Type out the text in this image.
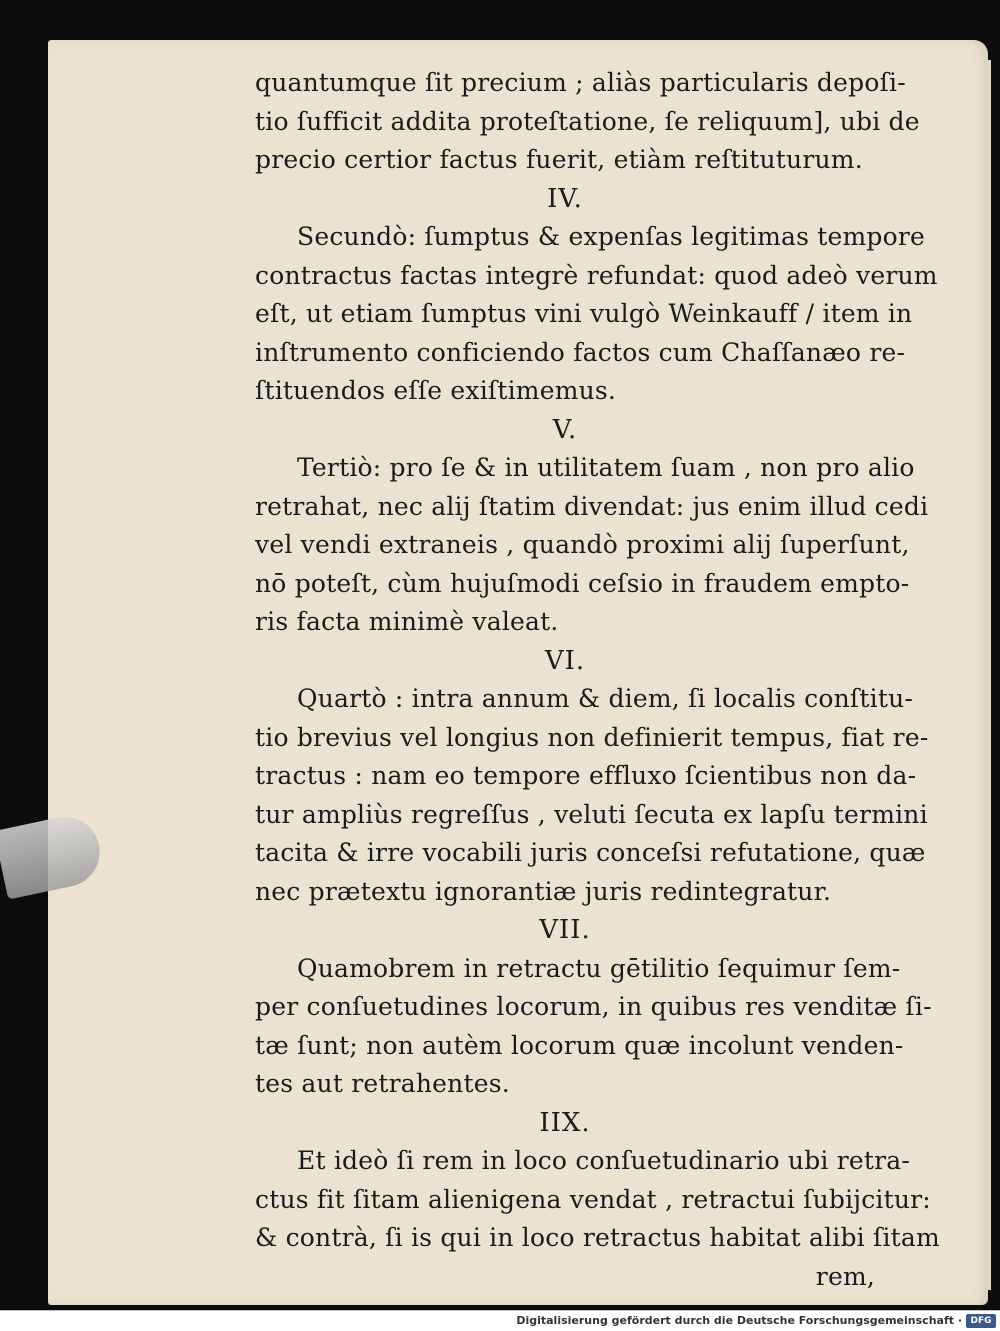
quantumque ſit precium ; aliàs particularis depoſi-
tio ſufficit addita proteſtatione, ſe reliquum], ubi de
precio certior factus fuerit, etiàm reſtituturum.
IV.
Secundò: ſumptus & expenſas legitimas tempore
contractus factas integrè refundat: quod adeò verum
eſt, ut etiam ſumptus vini vulgò Weinkauff / item in
inſtrumento conficiendo factos cum Chaſſanæo re-
ſtituendos eſſe exiſtimemus.
V.
Tertiò: pro ſe & in utilitatem ſuam , non pro alio
retrahat, nec alij ſtatim divendat: jus enim illud cedi
vel vendi extraneis , quandò proximi alij ſuperſunt,
nō poteſt, cùm hujuſmodi ceſsio in fraudem empto-
ris facta minimè valeat.
VI.
Quartò : intra annum & diem, ſi localis conſtitu-
tio brevius vel longius non definierit tempus, fiat re-
tractus : nam eo tempore effluxo ſcientibus non da-
tur ampliùs regreſſus , veluti ſecuta ex lapſu termini
tacita & irre vocabili juris conceſsi refutatione, quæ
nec prætextu ignorantiæ juris redintegratur.
VII.
Quamobrem in retractu gētilitio ſequimur ſem-
per conſuetudines locorum, in quibus res venditæ ſi-
tæ ſunt; non autèm locorum quæ incolunt venden-
tes aut retrahentes.
IIX.
Et ideò ſi rem in loco conſuetudinario ubi retra-
ctus fit ſitam alienigena vendat , retractui ſubijcitur:
& contrà, ſi is qui in loco retractus habitat alibi ſitam
rem,
Digitalisierung gefördert durch die Deutsche Forschungsgemeinschaft · DFG
